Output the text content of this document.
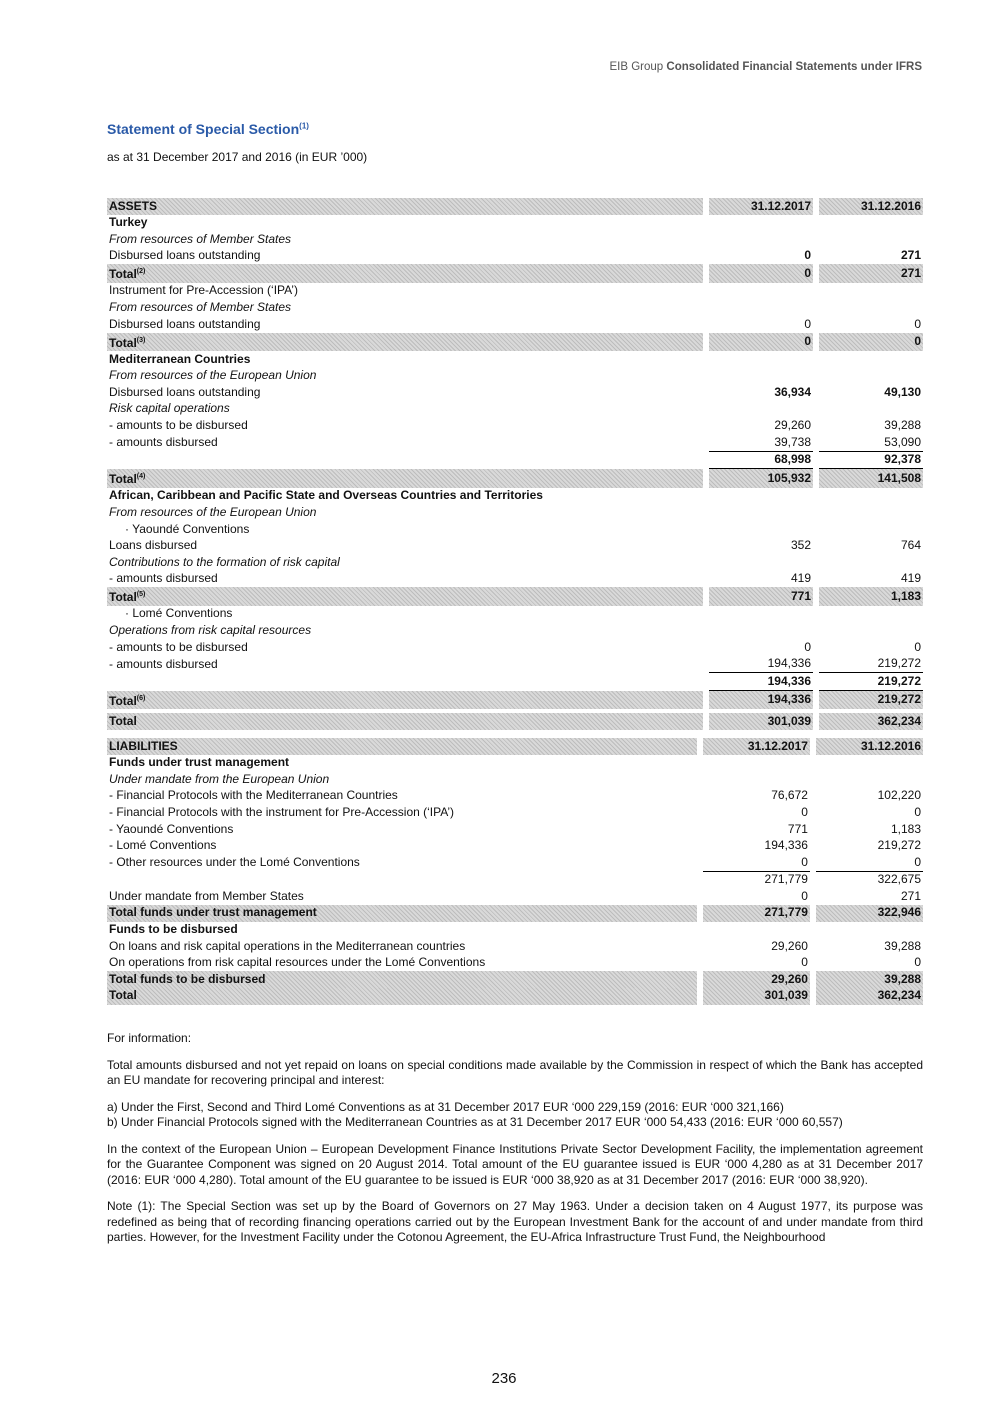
EIB Group Consolidated Financial Statements under IFRS
Statement of Special Section$^{(1)}$
as at 31 December 2017 and 2016 (in EUR ’000)
ASSETS		31.12.2017		31.12.2016
Turkey				
From resources of Member States				
Disbursed loans outstanding		0		271
Total$^{(2)}$		0		271
Instrument for Pre-Accession (‘IPA’)				
From resources of Member States				
Disbursed loans outstanding		0		0
Total$^{(3)}$		0		0
Mediterranean Countries				
From resources of the European Union				
Disbursed loans outstanding		36,934		49,130
Risk capital operations				
- amounts to be disbursed		29,260		39,288
- amounts disbursed		39,738		53,090
		68,998		92,378
Total$^{(4)}$		105,932		141,508
African, Caribbean and Pacific State and Overseas Countries and Territories				
From resources of the European Union				
· Yaoundé Conventions				
Loans disbursed		352		764
Contributions to the formation of risk capital				
- amounts disbursed		419		419
Total$^{(5)}$		771		1,183
· Lomé Conventions				
Operations from risk capital resources				
- amounts to be disbursed		0		0
- amounts disbursed		194,336		219,272
		194,336		219,272
Total$^{(6)}$		194,336		219,272

Total		301,039		362,234
LIABILITIES		31.12.2017		31.12.2016
Funds under trust management				
Under mandate from the European Union				
- Financial Protocols with the Mediterranean Countries		76,672		102,220
- Financial Protocols with the instrument for Pre-Accession (‘IPA’)		0		0
- Yaoundé Conventions		771		1,183
- Lomé Conventions		194,336		219,272
- Other resources under the Lomé Conventions		0		0
		271,779		322,675
Under mandate from Member States		0		271
Total funds under trust management		271,779		322,946
Funds to be disbursed				
On loans and risk capital operations in the Mediterranean countries		29,260		39,288
On operations from risk capital resources under the Lomé Conventions		0		0
Total funds to be disbursed		29,260		39,288
Total		301,039		362,234

For information:

Total amounts disbursed and not yet repaid on loans on special conditions made available by the Commission in respect of which the Bank has accepted an EU mandate for recovering principal and interest:

a) Under the First, Second and Third Lomé Conventions as at 31 December 2017 EUR ‘000 229,159 (2016: EUR ‘000 321,166)

b) Under Financial Protocols signed with the Mediterranean Countries as at 31 December 2017 EUR ‘000 54,433 (2016: EUR ‘000 60,557)

In the context of the European Union – European Development Finance Institutions Private Sector Development Facility, the implementation agreement for the Guarantee Component was signed on 20 August 2014. Total amount of the EU guarantee issued is EUR ‘000 4,280 as at 31 December 2017 (2016: EUR ‘000 4,280). Total amount of the EU guarantee to be issued is EUR ‘000 38,920 as at 31 December 2017 (2016: EUR ‘000 38,920).

Note (1): The Special Section was set up by the Board of Governors on 27 May 1963. Under a decision taken on 4 August 1977, its purpose was redefined as being that of recording financing operations carried out by the European Investment Bank for the account of and under mandate from third parties. However, for the Investment Facility under the Cotonou Agreement, the EU-Africa Infrastructure Trust Fund, the Neighbourhood

236
